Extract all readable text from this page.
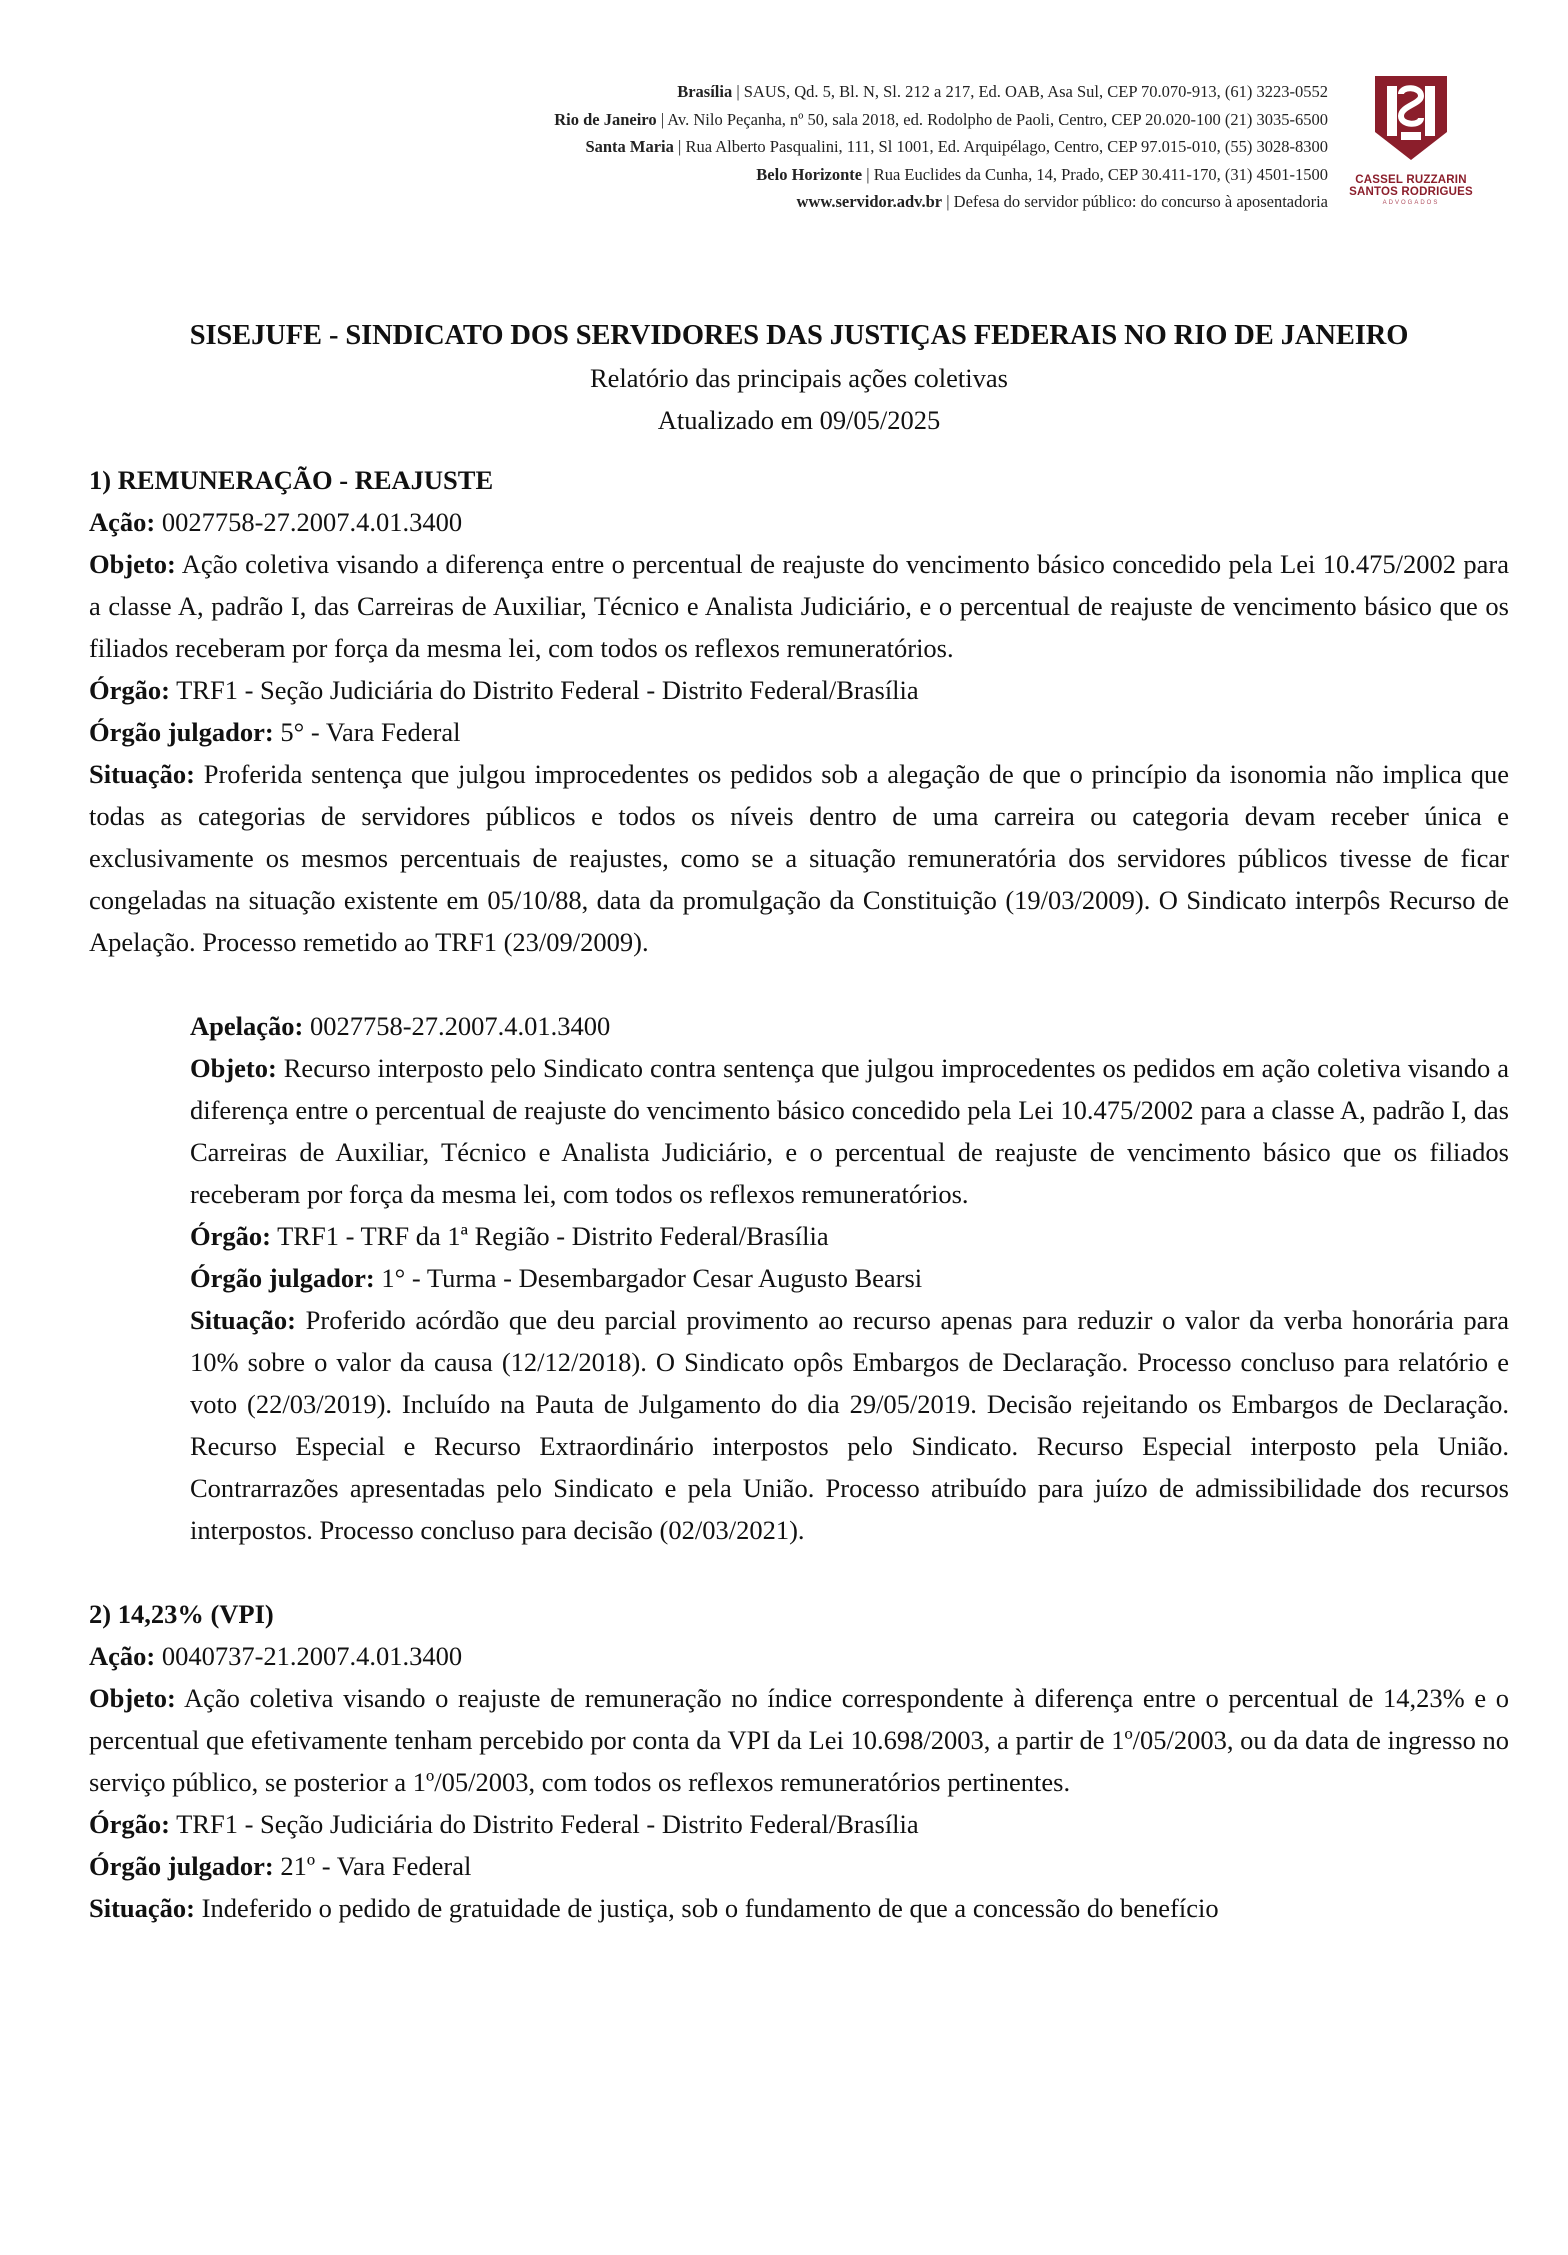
Brasília | SAUS, Qd. 5, Bl. N, Sl. 212 a 217, Ed. OAB, Asa Sul, CEP 70.070-913, (61) 3223-0552
Rio de Janeiro | Av. Nilo Peçanha, nº 50, sala 2018, ed. Rodolpho de Paoli, Centro, CEP 20.020-100 (21) 3035-6500
Santa Maria | Rua Alberto Pasqualini, 111, Sl 1001, Ed. Arquipélago, Centro, CEP 97.015-010, (55) 3028-8300
Belo Horizonte | Rua Euclides da Cunha, 14, Prado, CEP 30.411-170, (31) 4501-1500
www.servidor.adv.br | Defesa do servidor público: do concurso à aposentadoria
CASSEL RUZZARIN
SANTOS RODRIGUES
ADVOGADOS

SISEJUFE - SINDICATO DOS SERVIDORES DAS JUSTIÇAS FEDERAIS NO RIO DE JANEIRO

Relatório das principais ações coletivas

Atualizado em 09/05/2025

1) REMUNERAÇÃO - REAJUSTE

Ação: 0027758-27.2007.4.01.3400

Objeto: Ação coletiva visando a diferença entre o percentual de reajuste do vencimento básico concedido pela Lei 10.475/2002 para a classe A, padrão I, das Carreiras de Auxiliar, Técnico e Analista Judiciário, e o percentual de reajuste de vencimento básico que os filiados receberam por força da mesma lei, com todos os reflexos remuneratórios.

Órgão: TRF1 - Seção Judiciária do Distrito Federal - Distrito Federal/Brasília

Órgão julgador: 5° - Vara Federal

Situação: Proferida sentença que julgou improcedentes os pedidos sob a alegação de que o princípio da isonomia não implica que todas as categorias de servidores públicos e todos os níveis dentro de uma carreira ou categoria devam receber única e exclusivamente os mesmos percentuais de reajustes, como se a situação remuneratória dos servidores públicos tivesse de ficar congeladas na situação existente em 05/10/88, data da promulgação da Constituição (19/03/2009). O Sindicato interpôs Recurso de Apelação. Processo remetido ao TRF1 (23/09/2009).

Apelação: 0027758-27.2007.4.01.3400

Objeto: Recurso interposto pelo Sindicato contra sentença que julgou improcedentes os pedidos em ação coletiva visando a diferença entre o percentual de reajuste do vencimento básico concedido pela Lei 10.475/2002 para a classe A, padrão I, das Carreiras de Auxiliar, Técnico e Analista Judiciário, e o percentual de reajuste de vencimento básico que os filiados receberam por força da mesma lei, com todos os reflexos remuneratórios.

Órgão: TRF1 - TRF da 1ª Região - Distrito Federal/Brasília

Órgão julgador: 1° - Turma - Desembargador Cesar Augusto Bearsi

Situação: Proferido acórdão que deu parcial provimento ao recurso apenas para reduzir o valor da verba honorária para 10% sobre o valor da causa (12/12/2018). O Sindicato opôs Embargos de Declaração. Processo concluso para relatório e voto (22/03/2019). Incluído na Pauta de Julgamento do dia 29/05/2019. Decisão rejeitando os Embargos de Declaração. Recurso Especial e Recurso Extraordinário interpostos pelo Sindicato. Recurso Especial interposto pela União. Contrarrazões apresentadas pelo Sindicato e pela União. Processo atribuído para juízo de admissibilidade dos recursos interpostos. Processo concluso para decisão (02/03/2021).

2) 14,23% (VPI)

Ação: 0040737-21.2007.4.01.3400

Objeto: Ação coletiva visando o reajuste de remuneração no índice correspondente à diferença entre o percentual de 14,23% e o percentual que efetivamente tenham percebido por conta da VPI da Lei 10.698/2003, a partir de 1º/05/2003, ou da data de ingresso no serviço público, se posterior a 1º/05/2003, com todos os reflexos remuneratórios pertinentes.

Órgão: TRF1 - Seção Judiciária do Distrito Federal - Distrito Federal/Brasília

Órgão julgador: 21º - Vara Federal

Situação: Indeferido o pedido de gratuidade de justiça, sob o fundamento de que a concessão do benefício
